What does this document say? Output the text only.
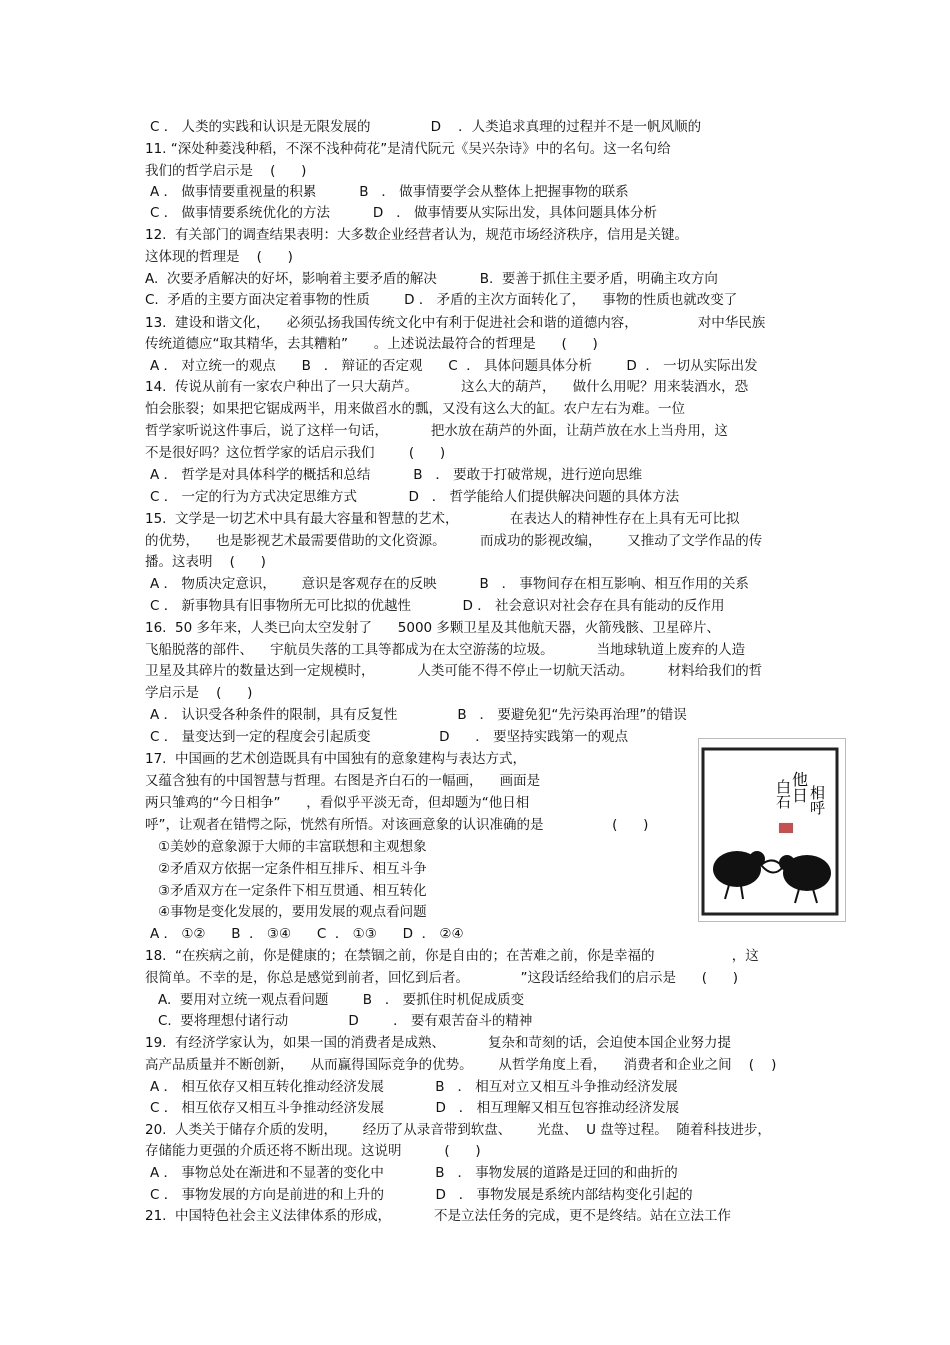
C ． 人类的实践和认识是无限发展的              D    ．人类追求真理的过程并不是一帆风顺的
11. “深处种菱浅种稻，不深不浅种荷花”是清代阮元《吴兴杂诗》中的名句。这一名句给
我们的哲学启示是    (      )
A ． 做事情要重视量的积累          B   ． 做事情要学会从整体上把握事物的联系
C ． 做事情要系统优化的方法          D   ． 做事情要从实际出发，具体问题具体分析
12.  有关部门的调查结果表明：大多数企业经营者认为，规范市场经济秩序，信用是关键。
这体现的哲理是    (      )
A.  次要矛盾解决的好坏，影响着主要矛盾的解决          B.  要善于抓住主要矛盾，明确主攻方向
C.  矛盾的主要方面决定着事物的性质        D ． 矛盾的主次方面转化了，    事物的性质也就改变了
13.  建设和谐文化，    必须弘扬我国传统文化中有利于促进社会和谐的道德内容，              对中华民族
传统道德应“取其精华，去其糟粕”      。上述说法最符合的哲理是      (      )
A ． 对立统一的观点      B   ． 辩证的否定观      C  ． 具体问题具体分析        D  ． 一切从实际出发
14.  传说从前有一家农户种出了一只大葫芦。          这么大的葫芦，    做什么用呢？用来装酒水，恐
怕会胀裂；如果把它锯成两半，用来做舀水的瓢，又没有这么大的缸。农户左右为难。一位
哲学家听说这件事后，说了这样一句话，          把水放在葫芦的外面，让葫芦放在水上当舟用，这
不是很好吗？这位哲学家的话启示我们        (      )
A ． 哲学是对具体科学的概括和总结          B   ． 要敢于打破常规，进行逆向思维
C ． 一定的行为方式决定思维方式            D   ． 哲学能给人们提供解决问题的具体方法
15.  文学是一切艺术中具有最大容量和智慧的艺术，            在表达人的精神性存在上具有无可比拟
的优势，    也是影视艺术最需要借助的文化资源。        而成功的影视改编，      又推动了文学作品的传
播。这表明    (      )
A ． 物质决定意识，      意识是客观存在的反映          B   ． 事物间存在相互影响、相互作用的关系
C ． 新事物具有旧事物所无可比拟的优越性            D ． 社会意识对社会存在具有能动的反作用
16.  50 多年来，人类已向太空发射了      5000 多颗卫星及其他航天器，火箭残骸、卫星碎片、
飞船脱落的部件、    宇航员失落的工具等都成为在太空游荡的垃圾。          当地球轨道上废弃的人造
卫星及其碎片的数量达到一定规模时，          人类可能不得不停止一切航天活动。        材料给我们的哲
学启示是    (      )
A ． 认识受各种条件的限制，具有反复性              B   ． 要避免犯“先污染再治理”的错误
C ． 量变达到一定的程度会引起质变                D      ． 要坚持实践第一的观点
17.  中国画的艺术创造既具有中国独有的意象建构与表达方式，
又蕴含独有的中国智慧与哲理。右图是齐白石的一幅画，    画面是
两只雏鸡的“今日相争”      ，看似乎平淡无奇，但却题为“他日相
呼”，让观者在错愕之际，恍然有所悟。对该画意象的认识准确的是                (      )
①美妙的意象源于大师的丰富联想和主观想象
②矛盾双方依据一定条件相互排斥、相互斗争
③矛盾双方在一定条件下相互贯通、相互转化
④事物是变化发展的，要用发展的观点看问题
A ． ①②      B  ． ③④      C  ． ①③      D  ． ②④
18.  “在疾病之前，你是健康的；在禁锢之前，你是自由的；在苦难之前，你是幸福的                  ，这
很简单。不幸的是，你总是感觉到前者，回忆到后者。            ”这段话经给我们的启示是      (      )
A.  要用对立统一观点看问题        B   ． 要抓住时机促成质变
C.  要将理想付诸行动              D        ． 要有艰苦奋斗的精神
19.  有经济学家认为，如果一国的消费者是成熟、          复杂和苛刻的话，会迫使本国企业努力提
高产品质量并不断创新，    从而赢得国际竞争的优势。      从哲学角度上看，    消费者和企业之间    (    )
A ． 相互依存又相互转化推动经济发展            B   ． 相互对立又相互斗争推动经济发展
C ． 相互依存又相互斗争推动经济发展            D   ． 相互理解又相互包容推动经济发展
20.  人类关于储存介质的发明，      经历了从录音带到软盘、      光盘、  U 盘等过程。  随着科技进步，
存储能力更强的介质还将不断出现。这说明          (      )
A ． 事物总处在渐进和不显著的变化中            B   ． 事物发展的道路是迂回的和曲折的
C ． 事物发展的方向是前进的和上升的            D   ． 事物发展是系统内部结构变化引起的
21.  中国特色社会主义法律体系的形成，          不是立法任务的完成，更不是终结。站在立法工作
他日
白石 相呼
